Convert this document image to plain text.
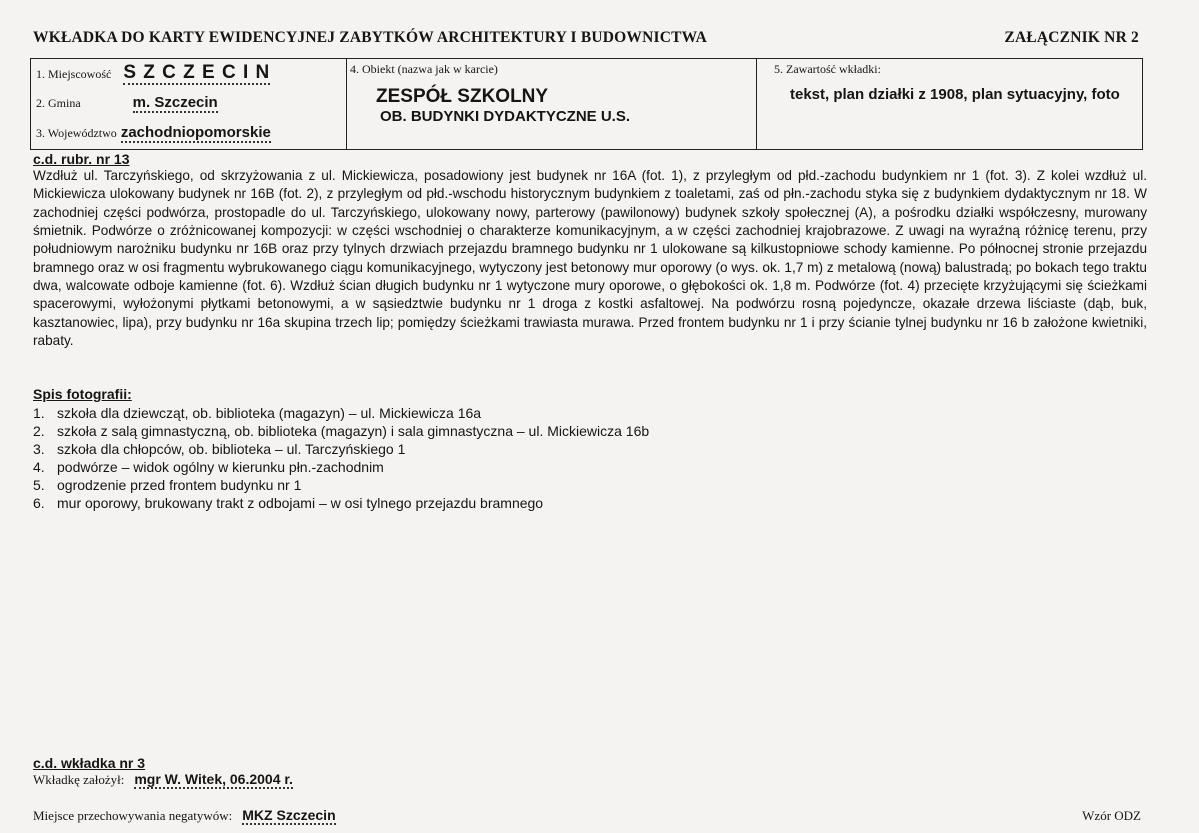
WKŁADKA DO KARTY EWIDENCYJNEJ ZABYTKÓW ARCHITEKTURY I BUDOWNICTWA	ZAŁĄCZNIK NR 2
1. Miejscowość S Z C Z E C I N
2. Gmina	m. Szczecin
3. Województwo zachodniopomorskie
4. Obiekt (nazwa jak w karcie)
ZESPÓŁ SZKOLNY
OB. BUDYNKI DYDAKTYCZNE U.S.
5. Zawartość wkładki:
tekst, plan działki z 1908, plan sytuacyjny, foto
c.d. rubr. nr 13
Wzdłuż ul. Tarczyńskiego, od skrzyżowania z ul. Mickiewicza, posadowiony jest budynek nr 16A (fot. 1), z przyległym od płd.-zachodu budynkiem nr 1 (fot. 3). Z kolei wzdłuż ul. Mickiewicza ulokowany budynek nr 16B (fot. 2), z przyległym od płd.-wschodu historycznym budynkiem z toaletami, zaś od płn.-zachodu styka się z budynkiem dydaktycznym nr 18. W zachodniej części podwórza, prostopadle do ul. Tarczyńskiego, ulokowany nowy, parterowy (pawilonowy) budynek szkoły społecznej (A), a pośrodku działki współczesny, murowany śmietnik. Podwórze o zróżnicowanej kompozycji: w części wschodniej o charakterze komunikacyjnym, a w części zachodniej krajobrazowe. Z uwagi na wyraźną różnicę terenu, przy południowym narożniku budynku nr 16B oraz przy tylnych drzwiach przejazdu bramnego budynku nr 1 ulokowane są kilkustopniowe schody kamienne. Po północnej stronie przejazdu bramnego oraz w osi fragmentu wybrukowanego ciągu komunikacyjnego, wytyczony jest betonowy mur oporowy (o wys. ok. 1,7 m) z metalową (nową) balustradą; po bokach tego traktu dwa, walcowate odboje kamienne (fot. 6). Wzdłuż ścian długich budynku nr 1 wytyczone mury oporowe, o głębokości ok. 1,8 m. Podwórze (fot. 4) przecięte krzyżującymi się ścieżkami spacerowymi, wyłożonymi płytkami betonowymi, a w sąsiedztwie budynku nr 1 droga z kostki asfaltowej. Na podwórzu rosną pojedyncze, okazałe drzewa liściaste (dąb, buk, kasztanowiec, lipa), przy budynku nr 16a skupina trzech lip; pomiędzy ścieżkami trawiasta murawa. Przed frontem budynku nr 1 i przy ścianie tylnej budynku nr 16 b założone kwietniki, rabaty.
Spis fotografii:
1. szkoła dla dziewcząt, ob. biblioteka (magazyn) – ul. Mickiewicza 16a
2. szkoła z salą gimnastyczną, ob. biblioteka (magazyn) i sala gimnastyczna – ul. Mickiewicza 16b
3. szkoła dla chłopców, ob. biblioteka – ul. Tarczyńskiego 1
4. podwórze – widok ogólny w kierunku płn.-zachodnim
5. ogrodzenie przed frontem budynku nr 1
6. mur oporowy, brukowany trakt z odbojami – w osi tylnego przejazdu bramnego
c.d. wkładka nr 3
Wkładkę założył: mgr W. Witek, 06.2004 r.
Miejsce przechowywania negatywów: MKZ Szczecin	Wzór ODZ
